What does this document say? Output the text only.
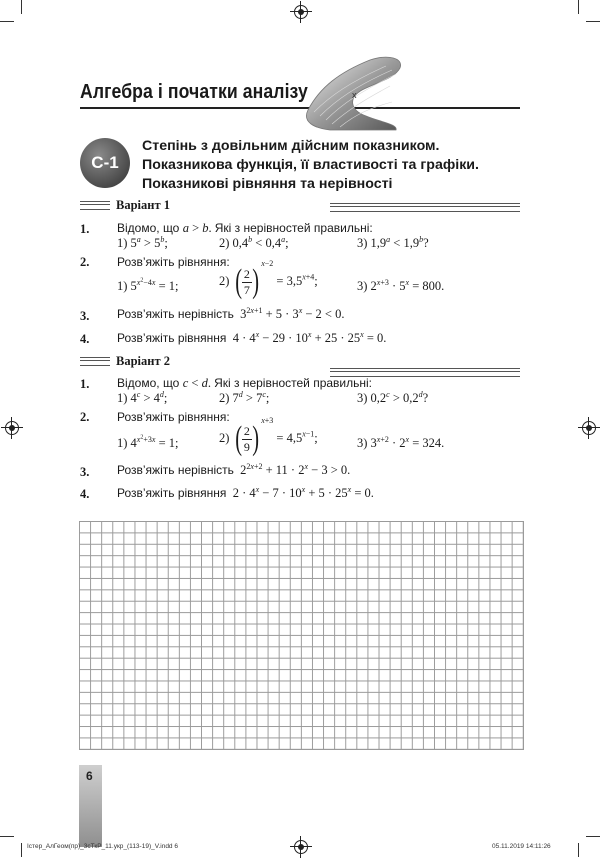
Алгебра і початки аналізу	x
С-1
Степінь з довільним дійсним показником.
Показникова функція, її властивості та графіки.
Показникові рівняння та нерівності
Варіант 1
1. Відомо, що a > b. Які з нерівностей правильні:
1) $5^a > 5^b$;	2) 0,4$^b$ < 0,4$^a$;	3) 1,9$^a$ < 1,9$^b$?
2. Розв’яжіть рівняння:
1) $5^{x^2-4x} = 1$;	2) ( $\frac{2}{7}$ ) $^{x-2} = 3,5^{x+4}$;	3) $2^{x+3} \cdot 5^x = 800$.
3. Розв’яжіть нерівність  $3^{2x+1} + 5 \cdot 3^x - 2 < 0$.
4. Розв’яжіть рівняння  $4 \cdot 4^x - 29 \cdot 10^x + 25 \cdot 25^x = 0$.
Варіант 2
1. Відомо, що c < d. Які з нерівностей правильні:
1) $4^c > 4^d$;	2) $7^d > 7^c$;	3) 0,2$^c$ > 0,2$^d$?
2. Розв’яжіть рівняння:
1) $4^{x^2+3x} = 1$;	2) ( $\frac{2}{9}$ ) $^{x+3} = 4,5^{x-1}$;	3) $3^{x+2} \cdot 2^x = 324$.
3. Розв’яжіть нерівність  $2^{2x+2} + 11 \cdot 2^x - 3 > 0$.
4. Розв’яжіть рівняння  $2 \cdot 4^x - 7 \cdot 10^x + 5 \cdot 25^x = 0$.
6
Істер_АлГеом(пр)_3сТкР_11.укр_(113-19)_V.indd 6	05.11.2019 14:11:26
